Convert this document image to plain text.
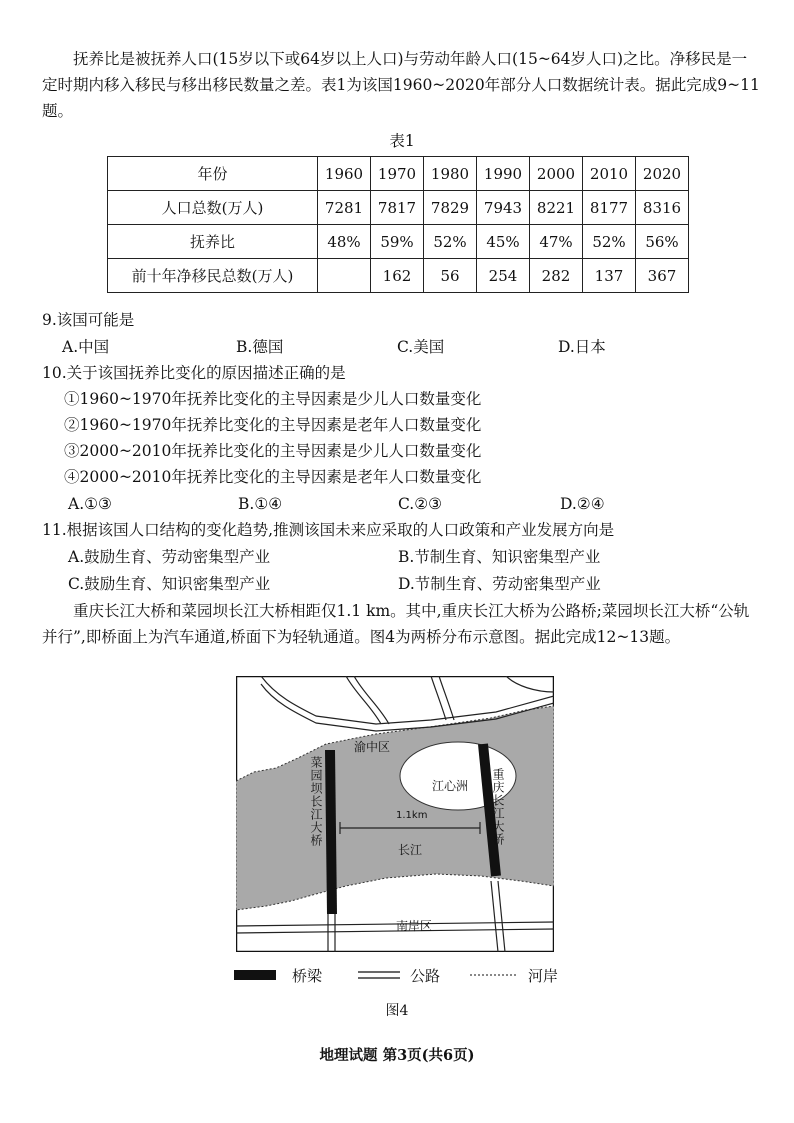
抚养比是被抚养人口(15岁以下或64岁以上人口)与劳动年龄人口(15~64岁人口)之比。净移民是一定时期内移入移民与移出移民数量之差。表1为该国1960~2020年部分人口数据统计表。据此完成9~11题。
表1
年份	1960	1970	1980	1990	2000	2010	2020
人口总数(万人)	7281	7817	7829	7943	8221	8177	8316
抚养比	48%	59%	52%	45%	47%	52%	56%
前十年净移民总数(万人)		162	56	254	282	137	367
9.该国可能是
A.中国	B.德国	C.美国	D.日本
10.关于该国抚养比变化的原因描述正确的是
①1960~1970年抚养比变化的主导因素是少儿人口数量变化
②1960~1970年抚养比变化的主导因素是老年人口数量变化
③2000~2010年抚养比变化的主导因素是少儿人口数量变化
④2000~2010年抚养比变化的主导因素是老年人口数量变化
A.①③	B.①④	C.②③	D.②④
11.根据该国人口结构的变化趋势,推测该国未来应采取的人口政策和产业发展方向是
A.鼓励生育、劳动密集型产业	B.节制生育、知识密集型产业
C.鼓励生育、知识密集型产业	D.节制生育、劳动密集型产业
重庆长江大桥和菜园坝长江大桥相距仅1.1 km。其中,重庆长江大桥为公路桥;菜园坝长江大桥“公轨并行”,即桥面上为汽车通道,桥面下为轻轨通道。图4为两桥分布示意图。据此完成12~13题。
渝中区
江心洲
1.1km
长江
南岸区
菜园坝长江大桥	重庆长江大桥
桥梁	公路	河岸
图4
地理试题 第3页(共6页)
